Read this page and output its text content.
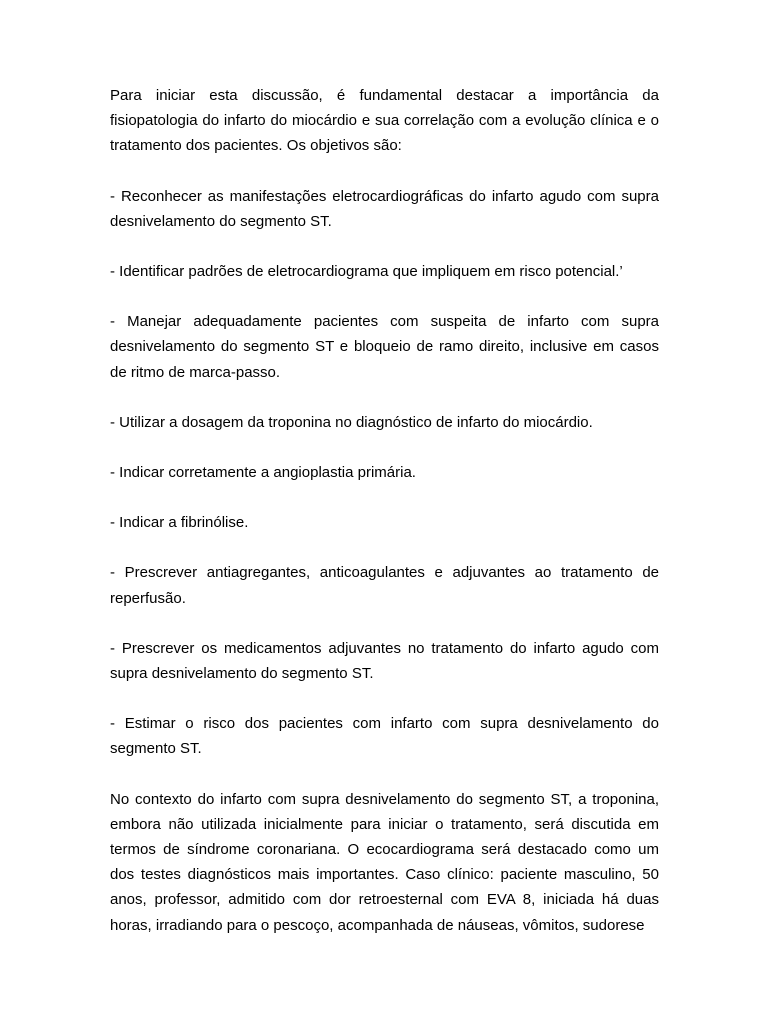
Para iniciar esta discussão, é fundamental destacar a importância da fisiopatologia do infarto do miocárdio e sua correlação com a evolução clínica e o tratamento dos pacientes. Os objetivos são:

- Reconhecer as manifestações eletrocardiográficas do infarto agudo com supra desnivelamento do segmento ST.

- Identificar padrões de eletrocardiograma que impliquem em risco potencial.’

- Manejar adequadamente pacientes com suspeita de infarto com supra desnivelamento do segmento ST e bloqueio de ramo direito, inclusive em casos de ritmo de marca-passo.

- Utilizar a dosagem da troponina no diagnóstico de infarto do miocárdio.

- Indicar corretamente a angioplastia primária.

- Indicar a fibrinólise.

- Prescrever antiagregantes, anticoagulantes e adjuvantes ao tratamento de reperfusão.

- Prescrever os medicamentos adjuvantes no tratamento do infarto agudo com supra desnivelamento do segmento ST.

- Estimar o risco dos pacientes com infarto com supra desnivelamento do segmento ST.

No contexto do infarto com supra desnivelamento do segmento ST, a troponina, embora não utilizada inicialmente para iniciar o tratamento, será discutida em termos de síndrome coronariana. O ecocardiograma será destacado como um dos testes diagnósticos mais importantes. Caso clínico: paciente masculino, 50 anos, professor, admitido com dor retroesternal com EVA 8, iniciada há duas horas, irradiando para o pescoço, acompanhada de náuseas, vômitos, sudorese
